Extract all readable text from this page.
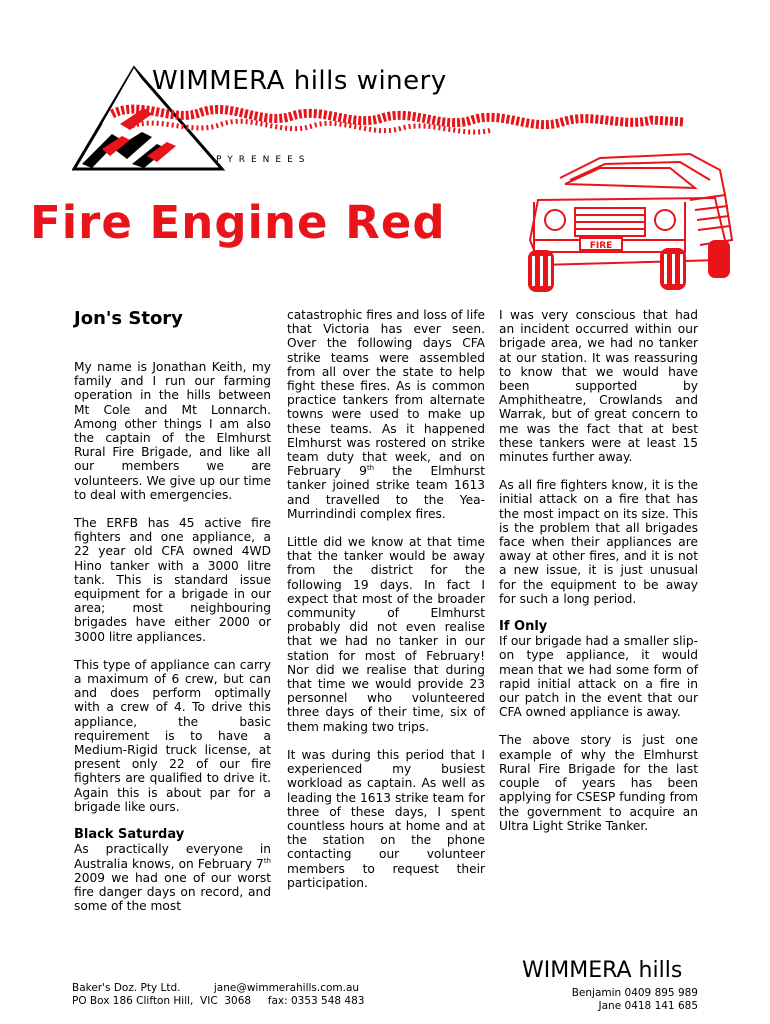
WIMMERA hills winery
PYRENEES
Fire Engine Red	FIRE

Jon's Story

My name is Jonathan Keith, my family and I run our farming operation in the hills between Mt Cole and Mt Lonnarch. Among other things I am also the captain of the Elmhurst Rural Fire Brigade, and like all our members we are volunteers. We give up our time to deal with emergencies.

The ERFB has 45 active fire fighters and one appliance, a 22 year old CFA owned 4WD Hino tanker with a 3000 litre tank. This is standard issue equipment for a brigade in our area; most neighbouring brigades have either 2000 or 3000 litre appliances.

This type of appliance can carry a maximum of 6 crew, but can and does perform optimally with a crew of 4. To drive this appliance, the basic requirement is to have a Medium-Rigid truck license, at present only 22 of our fire fighters are qualified to drive it. Again this is about par for a brigade like ours.

Black Saturday

As practically everyone in Australia knows, on February 7th 2009 we had one of our worst fire danger days on record, and some of the most

catastrophic fires and loss of life that Victoria has ever seen. Over the following days CFA strike teams were assembled from all over the state to help fight these fires. As is common practice tankers from alternate towns were used to make up these teams. As it happened Elmhurst was rostered on strike team duty that week, and on February 9th the Elmhurst tanker joined strike team 1613 and travelled to the Yea-Murrindindi complex fires.

Little did we know at that time that the tanker would be away from the district for the following 19 days. In fact I expect that most of the broader community of Elmhurst probably did not even realise that we had no tanker in our station for most of February! Nor did we realise that during that time we would provide 23 personnel who volunteered three days of their time, six of them making two trips.

It was during this period that I experienced my busiest workload as captain. As well as leading the 1613 strike team for three of these days, I spent countless hours at home and at the station on the phone contacting our volunteer members to request their participation.

I was very conscious that had an incident occurred within our brigade area, we had no tanker at our station. It was reassuring to know that we would have been supported by Amphitheatre, Crowlands and Warrak, but of great concern to me was the fact that at best these tankers were at least 15 minutes further away.

As all fire fighters know, it is the initial attack on a fire that has the most impact on its size. This is the problem that all brigades face when their appliances are away at other fires, and it is not a new issue, it is just unusual for the equipment to be away for such a long period.

If Only

If our brigade had a smaller slip-on type appliance, it would mean that we had some form of rapid initial attack on a fire in our patch in the event that our CFA owned appliance is away.

The above story is just one example of why the Elmhurst Rural Fire Brigade for the last couple of years has been applying for CSESP funding from the government to acquire an Ultra Light Strike Tanker.

Baker's Doz. Pty Ltd.	jane@wimmerahills.com.au
PO Box 186 Clifton Hill,  VIC  3068 fax: 0353 548 483
WIMMERA hills
Benjamin 0409 895 989
Jane 0418 141 685
